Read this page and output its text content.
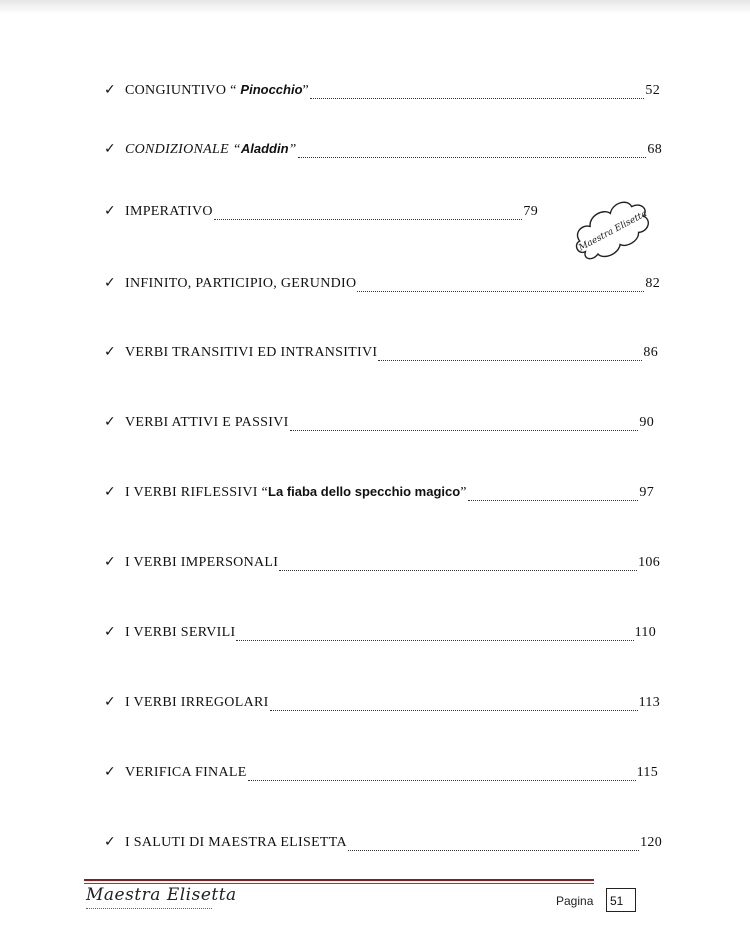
✓ CONGIUNTIVO “ Pinocchio”	52
✓ CONDIZIONALE “Aladdin”	68
✓ IMPERATIVO	79
✓ INFINITO, PARTICIPIO, GERUNDIO	82
✓ VERBI TRANSITIVI ED INTRANSITIVI	86
✓ VERBI ATTIVI E PASSIVI	90
✓ I VERBI RIFLESSIVI “La fiaba dello specchio magico”	97
✓ I VERBI IMPERSONALI	106
✓ I VERBI SERVILI	110
✓ I VERBI IRREGOLARI	113
✓ VERIFICA FINALE	115
✓ I SALUTI DI MAESTRA ELISETTA	120
Maestra Elisetta
Maestra Elisetta	Pagina	51
